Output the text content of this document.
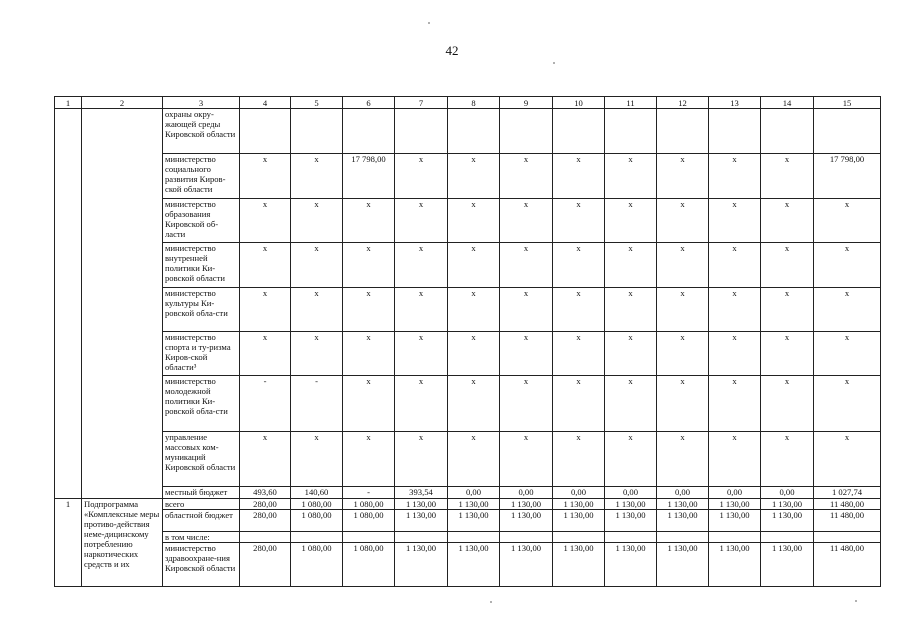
42
1	2	3	4	5	6	7	8	9	10	11	12	13	14	15
		охраны окру-жающей среды Кировской области												
		министерство социального развития Киров-ской области	x	x	17 798,00	x	x	x	x	x	x	x	x	17 798,00
		министерство образования Кировской об-ласти	x	x	x	x	x	x	x	x	x	x	x	x
		министерство внутренней политики Ки-ровской области	x	x	x	x	x	x	x	x	x	x	x	x
		министерство культуры Ки-ровской обла-сти	x	x	x	x	x	x	x	x	x	x	x	x
		министерство спорта и ту-ризма Киров-ской области³	x	x	x	x	x	x	x	x	x	x	x	x
		министерство молодежной политики Ки-ровской обла-сти	-	-	x	x	x	x	x	x	x	x	x	x
		управление массовых ком-муникаций Кировской области	x	x	x	x	x	x	x	x	x	x	x	x
		местный бюджет	493,60	140,60	-	393,54	0,00	0,00	0,00	0,00	0,00	0,00	0,00	1 027,74
1	Подпрограмма «Комплексные меры противо-действия неме-дицинскому потреблению наркотических средств и их	всего	280,00	1 080,00	1 080,00	1 130,00	1 130,00	1 130,00	1 130,00	1 130,00	1 130,00	1 130,00	1 130,00	11 480,00
		областной бюджет	280,00	1 080,00	1 080,00	1 130,00	1 130,00	1 130,00	1 130,00	1 130,00	1 130,00	1 130,00	1 130,00	11 480,00
		в том числе:												
		министерство здравоохране-ния Кировской области	280,00	1 080,00	1 080,00	1 130,00	1 130,00	1 130,00	1 130,00	1 130,00	1 130,00	1 130,00	1 130,00	11 480,00
